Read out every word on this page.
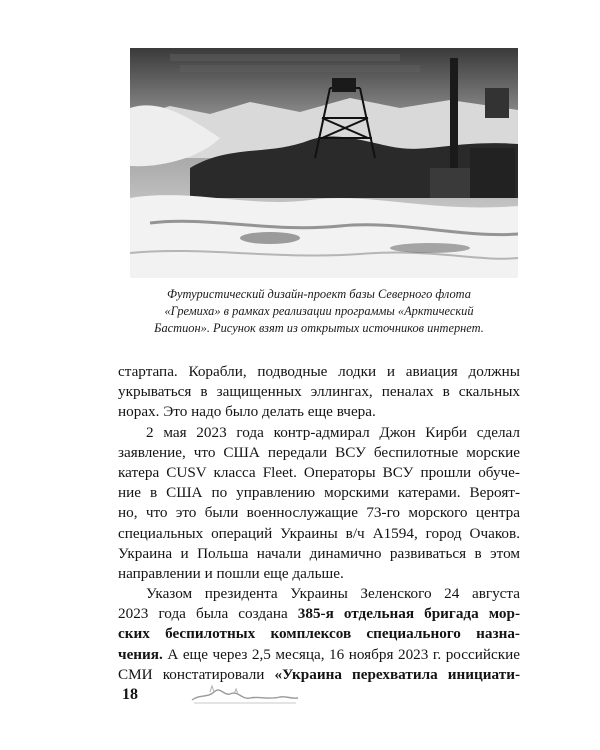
Футуристический дизайн-проект базы Северного флота
«Гремиха» в рамках реализации программы «Арктический
Бастион». Рисунок взят из открытых источников интернет.
стартапа. Корабли, подводные лодки и авиация должны
укрываться в защищенных эллингах, пеналах в скальных
норах. Это надо было делать еще вчера.
2 мая 2023 года контр-адмирал Джон Кирби сделал
заявление, что США передали ВСУ беспилотные морские
катера CUSV класса Fleet. Операторы ВСУ прошли обуче-
ние в США по управлению морскими катерами. Вероят-
но, что это были военнослужащие 73-го морского центра
специальных операций Украины в/ч А1594, город Очаков.
Украина и Польша начали динамично развиваться в этом
направлении и пошли еще дальше.
Указом президента Украины Зеленского 24 августа
2023 года была создана 385-я отдельная бригада мор-
ских беспилотных комплексов специального назна-
чения. А еще через 2,5 месяца, 16 ноября 2023 г. российские
СМИ констатировали «Украина перехватила инициати-
18
